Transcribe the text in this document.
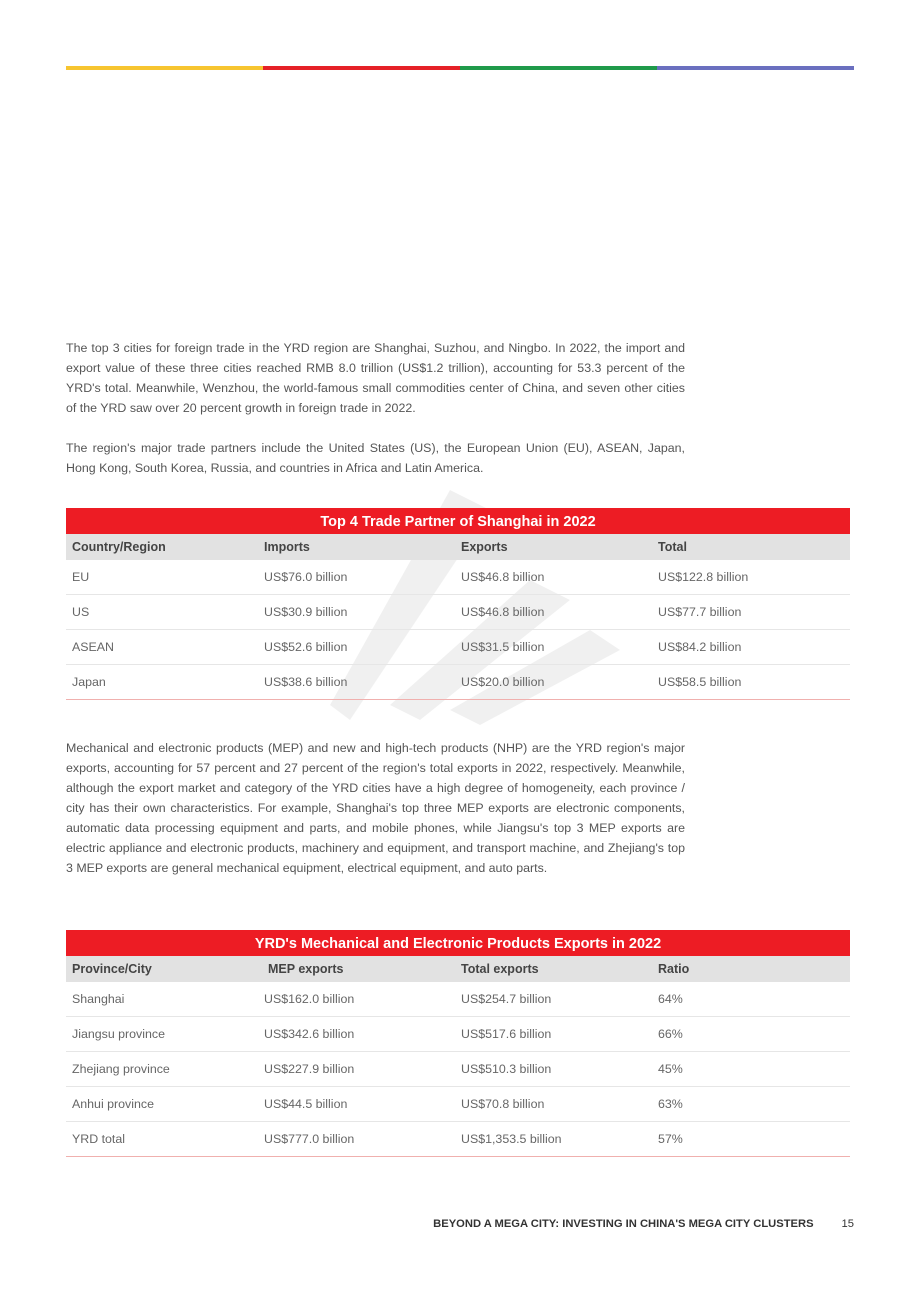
The top 3 cities for foreign trade in the YRD region are Shanghai, Suzhou, and Ningbo. In 2022, the import and export value of these three cities reached RMB 8.0 trillion (US$1.2 trillion), accounting for 53.3 percent of the YRD's total. Meanwhile, Wenzhou, the world-famous small commodities center of China, and seven other cities of the YRD saw over 20 percent growth in foreign trade in 2022.

The region's major trade partners include the United States (US), the European Union (EU), ASEAN, Japan, Hong Kong, South Korea, Russia, and countries in Africa and Latin America.

Top 4 Trade Partner of Shanghai in 2022
Country/Region	Imports	Exports	Total
EU	US$76.0 billion	US$46.8 billion	US$122.8 billion
US	US$30.9 billion	US$46.8 billion	US$77.7 billion
ASEAN	US$52.6 billion	US$31.5 billion	US$84.2 billion
Japan	US$38.6 billion	US$20.0 billion	US$58.5 billion

Mechanical and electronic products (MEP) and new and high-tech products (NHP) are the YRD region's major exports, accounting for 57 percent and 27 percent of the region's total exports in 2022, respectively. Meanwhile, although the export market and category of the YRD cities have a high degree of homogeneity, each province / city has their own characteristics. For example, Shanghai's top three MEP exports are electronic components, automatic data processing equipment and parts, and mobile phones, while Jiangsu's top 3 MEP exports are electric appliance and electronic products, machinery and equipment, and transport machine, and Zhejiang's top 3 MEP exports are general mechanical equipment, electrical equipment, and auto parts.

YRD's Mechanical and Electronic Products Exports in 2022
Province/City	MEP exports	Total exports	Ratio
Shanghai	US$162.0 billion	US$254.7 billion	64%
Jiangsu province	US$342.6 billion	US$517.6 billion	66%
Zhejiang province	US$227.9 billion	US$510.3 billion	45%
Anhui province	US$44.5 billion	US$70.8 billion	63%
YRD total	US$777.0 billion	US$1,353.5 billion	57%
BEYOND A MEGA CITY: INVESTING IN CHINA'S MEGA CITY CLUSTERS	15
